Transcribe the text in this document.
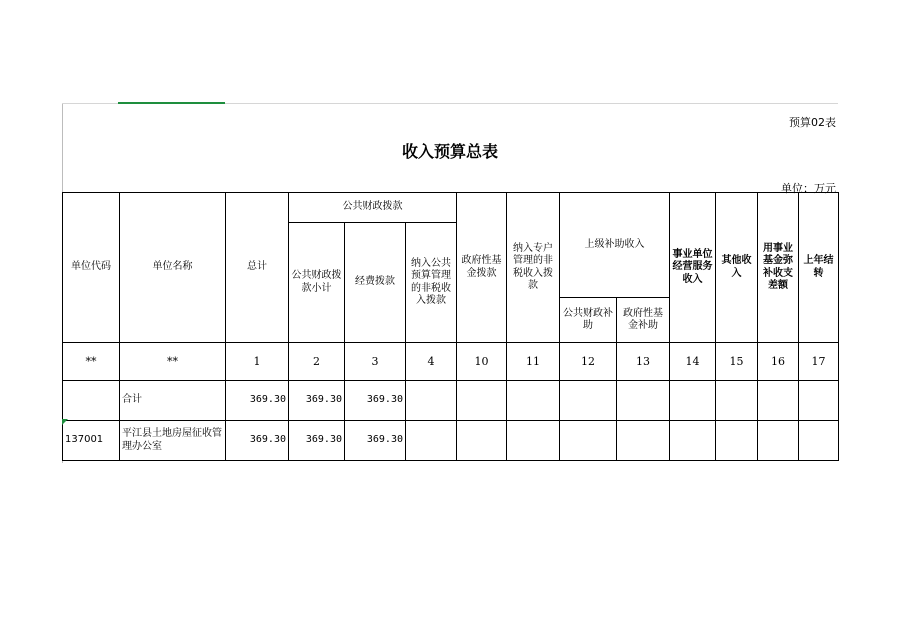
预算02表
收入预算总表
单位：万元
单位代码	单位名称	总计	公共财政拨款			政府性基金拨款	纳入专户管理的非税收入拨款	上级补助收入		事业单位经营服务收入	其他收入	用事业基金弥补收支差额	上年结转
			公共财政拨款小计	经费拨款	纳入公共预算管理的非税收入拨款								
								公共财政补助	政府性基金补助				
**	**	1	2	3	4	10	11	12	13	14	15	16	17
	合计	369.30	369.30	369.30									
137001	平江县土地房屋征收管理办公室	369.30	369.30	369.30									
